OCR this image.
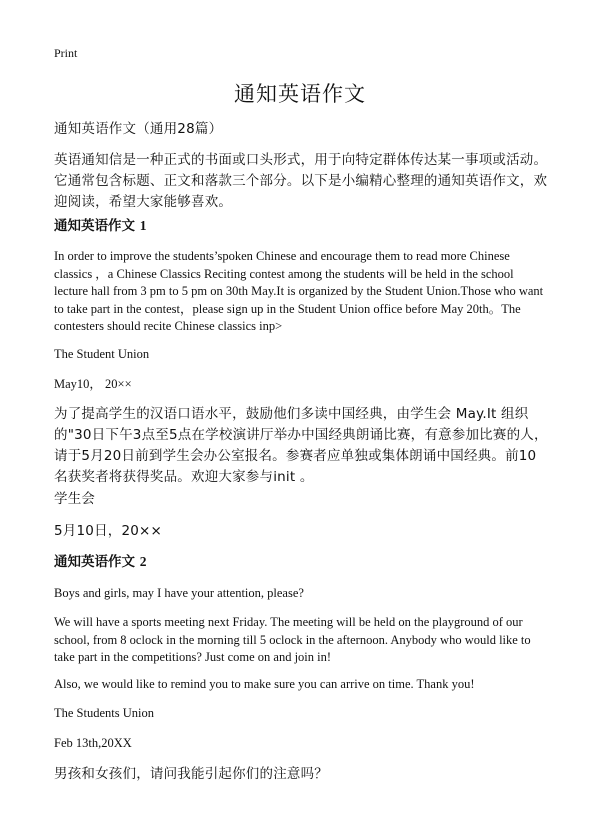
Print
通知英语作文

通知英语作文（通用28篇）

英语通知信是一种正式的书面或口头形式，用于向特定群体传达某一事项或活动。它通常包含标题、正文和落款三个部分。以下是小编精心整理的通知英语作文，欢迎阅读，希望大家能够喜欢。

通知英语作文 1

In order to improve the students’spoken Chinese and encourage them to read more Chinese classics ，a Chinese Classics Reciting contest among the students will be held in the school lecture hall from 3 pm to 5 pm on 30th May.It is organized by the Student Union.Those who want to take part in the contest，please sign up in the Student Union office before May 20th。The contesters should recite Chinese classics inp>

The Student Union

May10， 20××

为了提高学生的汉语口语水平，鼓励他们多读中国经典，由学生会 May.It 组织的"30日下午3点至5点在学校演讲厅举办中国经典朗诵比赛，有意参加比赛的人，请于5月20日前到学生会办公室报名。参赛者应单独或集体朗诵中国经典。前10名获奖者将获得奖品。欢迎大家参与init 。

学生会

5月10日，20××

通知英语作文 2

Boys and girls, may I have your attention, please?

We will have a sports meeting next Friday. The meeting will be held on the playground of our school, from 8 oclock in the morning till 5 oclock in the afternoon. Anybody who would like to take part in the competitions? Just come on and join in!

Also, we would like to remind you to make sure you can arrive on time. Thank you!

The Students Union

Feb 13th,20XX

男孩和女孩们，请问我能引起你们的注意吗？
